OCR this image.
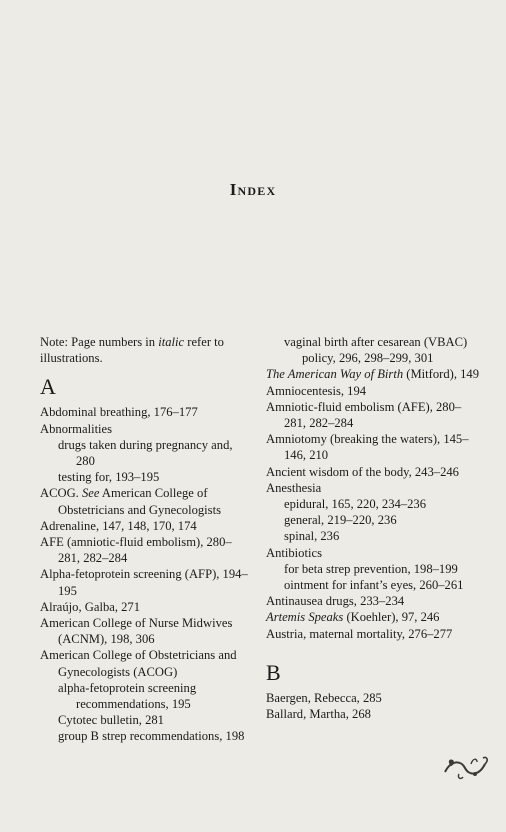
Index
Note: Page numbers in italic refer to illustrations.
A
Abdominal breathing, 176–177
Abnormalities
drugs taken during pregnancy and, 280
testing for, 193–195
ACOG. See American College of Obstetricians and Gynecologists
Adrenaline, 147, 148, 170, 174
AFE (amniotic-fluid embolism), 280–281, 282–284
Alpha-fetoprotein screening (AFP), 194–195
Alraújo, Galba, 271
American College of Nurse Midwives (ACNM), 198, 306
American College of Obstetricians and Gynecologists (ACOG)
alpha-fetoprotein screening recommendations, 195
Cytotec bulletin, 281
group B strep recommendations, 198
vaginal birth after cesarean (VBAC) policy, 296, 298–299, 301
The American Way of Birth (Mitford), 149
Amniocentesis, 194
Amniotic-fluid embolism (AFE), 280–281, 282–284
Amniotomy (breaking the waters), 145–146, 210
Ancient wisdom of the body, 243–246
Anesthesia
epidural, 165, 220, 234–236
general, 219–220, 236
spinal, 236
Antibiotics
for beta strep prevention, 198–199
ointment for infant’s eyes, 260–261
Antinausea drugs, 233–234
Artemis Speaks (Koehler), 97, 246
Austria, maternal mortality, 276–277
B
Baergen, Rebecca, 285
Ballard, Martha, 268
